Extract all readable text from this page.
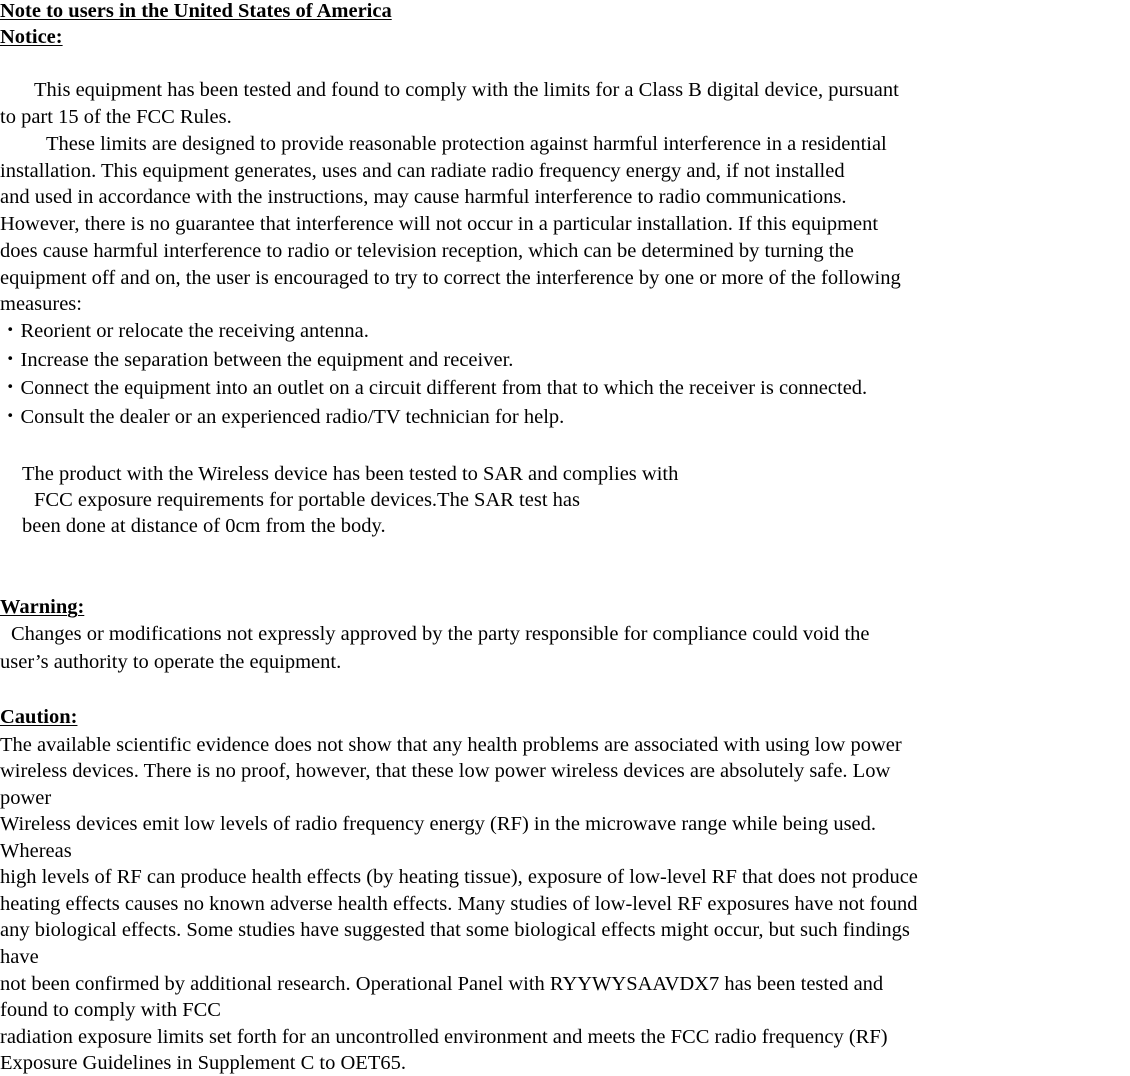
Note to users in the United States of America

Notice:

This equipment has been tested and found to comply with the limits for a Class B digital device, pursuant

to part 15 of the FCC Rules.

These limits are designed to provide reasonable protection against harmful interference in a residential

installation. This equipment generates, uses and can radiate radio frequency energy and, if not installed

and used in accordance with the instructions, may cause harmful interference to radio communications.

However, there is no guarantee that interference will not occur in a particular installation. If this equipment

does cause harmful interference to radio or television reception, which can be determined by turning the

equipment off and on, the user is encouraged to try to correct the interference by one or more of the following

measures:

・Reorient or relocate the receiving antenna.

・Increase the separation between the equipment and receiver.

・Connect the equipment into an outlet on a circuit different from that to which the receiver is connected.

・Consult the dealer or an experienced radio/TV technician for help.

The product with the Wireless device has been tested to SAR and complies with

FCC exposure requirements for portable devices.The SAR test has

been done at distance of 0cm from the body.

Warning:

Changes or modifications not expressly approved by the party responsible for compliance could void the

user’s authority to operate the equipment.

Caution:

The available scientific evidence does not show that any health problems are associated with using low power

wireless devices. There is no proof, however, that these low power wireless devices are absolutely safe. Low

power

Wireless devices emit low levels of radio frequency energy (RF) in the microwave range while being used.

Whereas

high levels of RF can produce health effects (by heating tissue), exposure of low-level RF that does not produce

heating effects causes no known adverse health effects. Many studies of low-level RF exposures have not found

any biological effects. Some studies have suggested that some biological effects might occur, but such findings

have

not been confirmed by additional research. Operational Panel with RYYWYSAAVDX7 has been tested and

found to comply with FCC

radiation exposure limits set forth for an uncontrolled environment and meets the FCC radio frequency (RF)

Exposure Guidelines in Supplement C to OET65.
